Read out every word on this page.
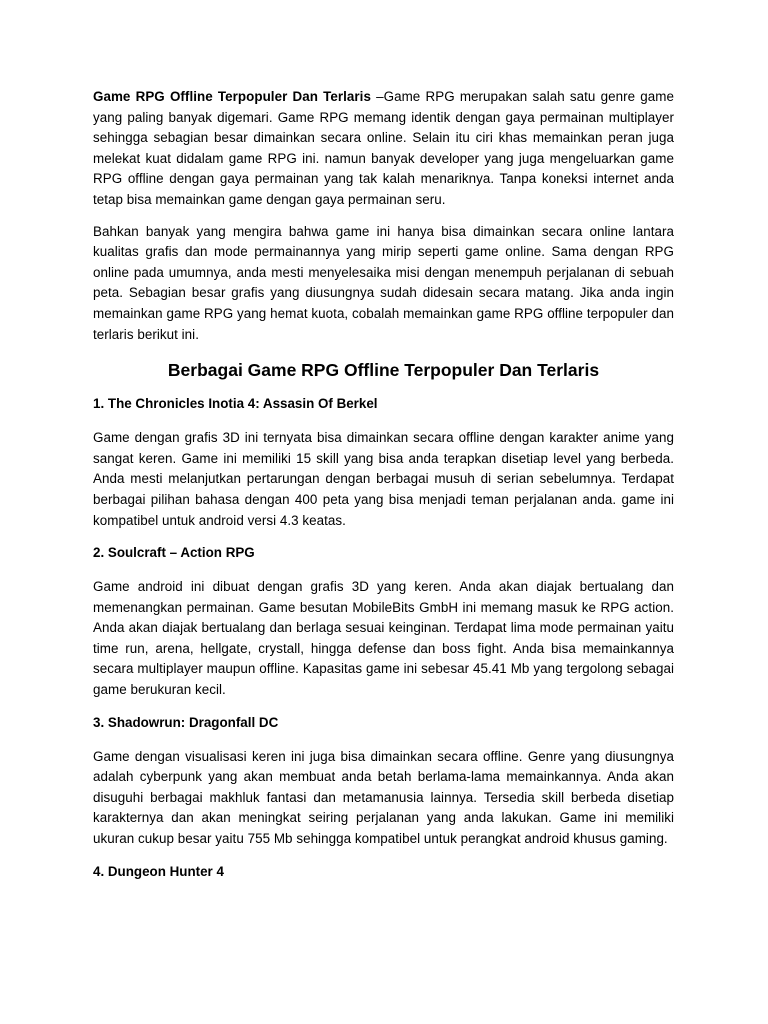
Game RPG Offline Terpopuler Dan Terlaris –Game RPG merupakan salah satu genre game yang paling banyak digemari. Game RPG memang identik dengan gaya permainan multiplayer sehingga sebagian besar dimainkan secara online. Selain itu ciri khas memainkan peran juga melekat kuat didalam game RPG ini. namun banyak developer yang juga mengeluarkan game RPG offline dengan gaya permainan yang tak kalah menariknya. Tanpa koneksi internet anda tetap bisa memainkan game dengan gaya permainan seru.

Bahkan banyak yang mengira bahwa game ini hanya bisa dimainkan secara online lantara kualitas grafis dan mode permainannya yang mirip seperti game online. Sama dengan RPG online pada umumnya, anda mesti menyelesaika misi dengan menempuh perjalanan di sebuah peta. Sebagian besar grafis yang diusungnya sudah didesain secara matang. Jika anda ingin memainkan game RPG yang hemat kuota, cobalah memainkan game RPG offline terpopuler dan terlaris berikut ini.

Berbagai Game RPG Offline Terpopuler Dan Terlaris
1. The Chronicles Inotia 4: Assasin Of Berkel

Game dengan grafis 3D ini ternyata bisa dimainkan secara offline dengan karakter anime yang sangat keren. Game ini memiliki 15 skill yang bisa anda terapkan disetiap level yang berbeda. Anda mesti melanjutkan pertarungan dengan berbagai musuh di serian sebelumnya. Terdapat berbagai pilihan bahasa dengan 400 peta yang bisa menjadi teman perjalanan anda. game ini kompatibel untuk android versi 4.3 keatas.

2. Soulcraft – Action RPG

Game android ini dibuat dengan grafis 3D yang keren. Anda akan diajak bertualang dan memenangkan permainan. Game besutan MobileBits GmbH ini memang masuk ke RPG action. Anda akan diajak bertualang dan berlaga sesuai keinginan. Terdapat lima mode permainan yaitu time run, arena, hellgate, crystall, hingga defense dan boss fight. Anda bisa memainkannya secara multiplayer maupun offline. Kapasitas game ini sebesar 45.41 Mb yang tergolong sebagai game berukuran kecil.

3. Shadowrun: Dragonfall DC

Game dengan visualisasi keren ini juga bisa dimainkan secara offline. Genre yang diusungnya adalah cyberpunk yang akan membuat anda betah berlama-lama memainkannya. Anda akan disuguhi berbagai makhluk fantasi dan metamanusia lainnya. Tersedia skill berbeda disetiap karakternya dan akan meningkat seiring perjalanan yang anda lakukan. Game ini memiliki ukuran cukup besar yaitu 755 Mb sehingga kompatibel untuk perangkat android khusus gaming.

4. Dungeon Hunter 4
